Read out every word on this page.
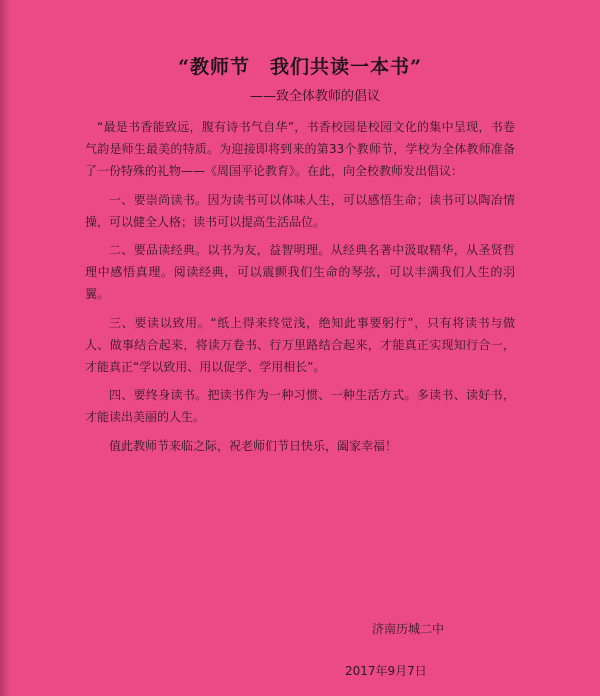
“教师节　我们共读一本书”
——致全体教师的倡议

“最是书香能致远，腹有诗书气自华”，书香校园是校园文化的集中呈现，书卷气韵是师生最美的特质。为迎接即将到来的第33个教师节，学校为全体教师准备了一份特殊的礼物——《周国平论教育》。在此，向全校教师发出倡议：

一、要崇尚读书。因为读书可以体味人生，可以感悟生命；读书可以陶冶情操，可以健全人格；读书可以提高生活品位。

二、要品读经典。以书为友，益智明理。从经典名著中汲取精华，从圣贤哲理中感悟真理。阅读经典，可以震颤我们生命的琴弦，可以丰满我们人生的羽翼。

三、要读以致用。“纸上得来终觉浅，绝知此事要躬行”，只有将读书与做人、做事结合起来，将读万卷书、行万里路结合起来，才能真正实现知行合一，才能真正“学以致用、用以促学、学用相长”。

四、要终身读书。把读书作为一种习惯、一种生活方式。多读书、读好书，才能读出美丽的人生。

值此教师节来临之际，祝老师们节日快乐，阖家幸福！

济南历城二中
2017年9月7日
